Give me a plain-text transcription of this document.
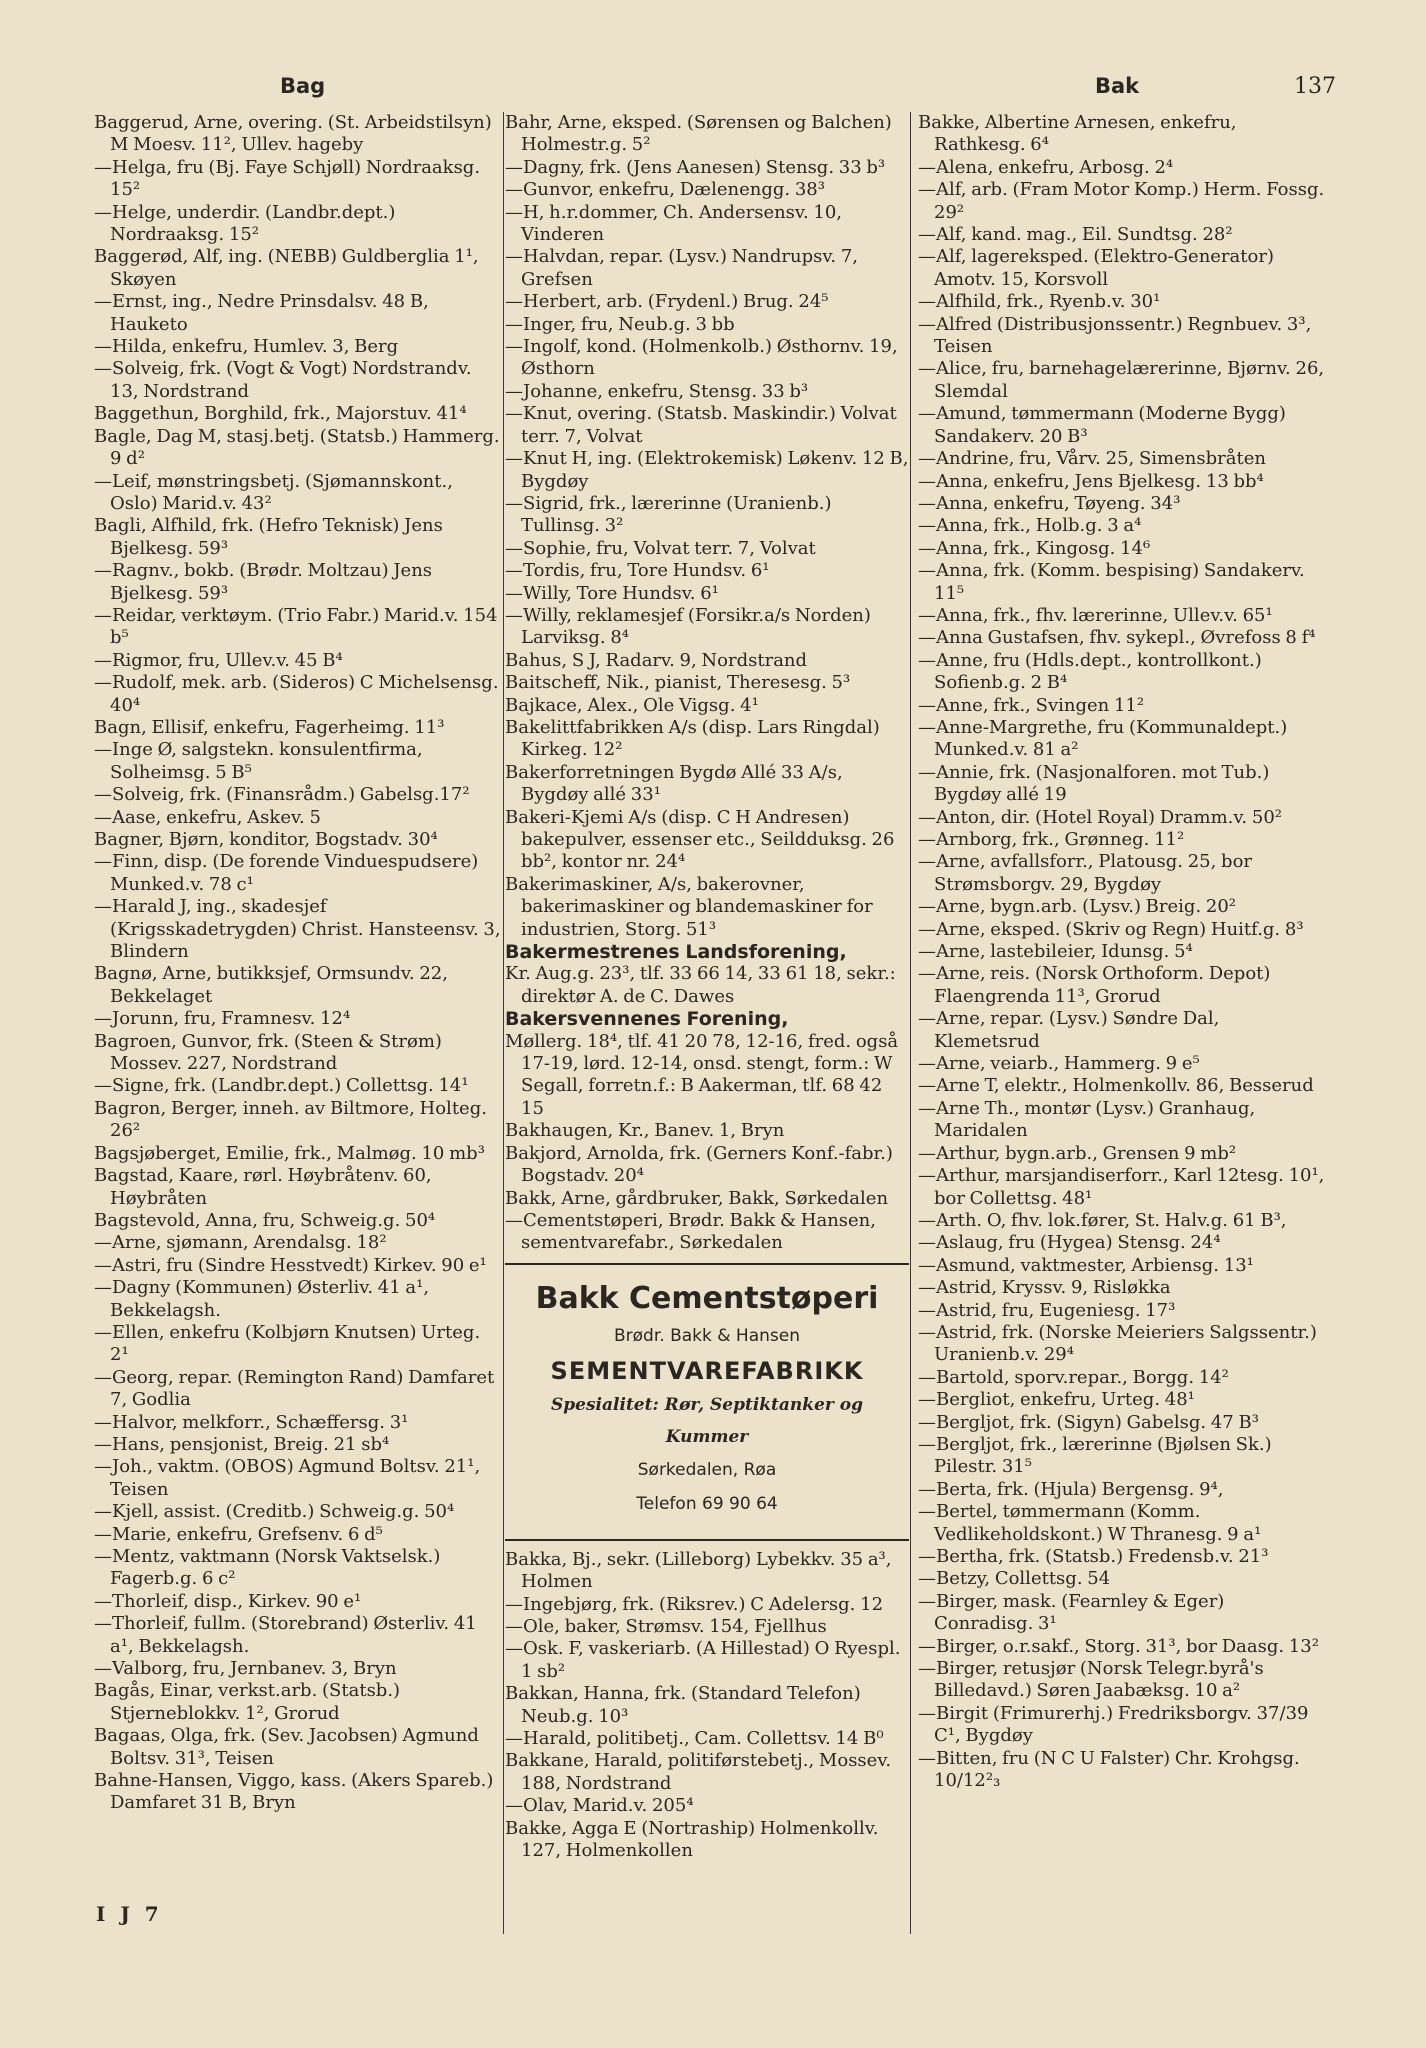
Bag	Bak	137
Baggerud, Arne, overing. (St. Arbeidstilsyn) M Moesv. 11², Ullev. hageby
—Helga, fru (Bj. Faye Schjøll) Nordraaksg. 15²
—Helge, underdir. (Landbr.dept.) Nordraaksg. 15²
Baggerød, Alf, ing. (NEBB) Guldberglia 1¹, Skøyen
—Ernst, ing., Nedre Prinsdalsv. 48 B, Hauketo
—Hilda, enkefru, Humlev. 3, Berg
—Solveig, frk. (Vogt & Vogt) Nordstrandv. 13, Nordstrand
Baggethun, Borghild, frk., Majorstuv. 41⁴
Bagle, Dag M, stasj.betj. (Statsb.) Hammerg. 9 d²
—Leif, mønstringsbetj. (Sjømannskont., Oslo) Marid.v. 43²
Bagli, Alfhild, frk. (Hefro Teknisk) Jens Bjelkesg. 59³
—Ragnv., bokb. (Brødr. Moltzau) Jens Bjelkesg. 59³
—Reidar, verktøym. (Trio Fabr.) Marid.v. 154 b⁵
—Rigmor, fru, Ullev.v. 45 B⁴
—Rudolf, mek. arb. (Sideros) C Michelsensg. 40⁴
Bagn, Ellisif, enkefru, Fagerheimg. 11³
—Inge Ø, salgstekn. konsulentfirma, Solheimsg. 5 B⁵
—Solveig, frk. (Finansrådm.) Gabelsg.17²
—Aase, enkefru, Askev. 5
Bagner, Bjørn, konditor, Bogstadv. 30⁴
—Finn, disp. (De forende Vinduespudsere) Munked.v. 78 c¹
—Harald J, ing., skadesjef (Krigsskadetrygden) Christ. Hansteensv. 3, Blindern
Bagnø, Arne, butikksjef, Ormsundv. 22, Bekkelaget
—Jorunn, fru, Framnesv. 12⁴
Bagroen, Gunvor, frk. (Steen & Strøm) Mossev. 227, Nordstrand
—Signe, frk. (Landbr.dept.) Collettsg. 14¹
Bagron, Berger, inneh. av Biltmore, Holteg. 26²
Bagsjøberget, Emilie, frk., Malmøg. 10 mb³
Bagstad, Kaare, rørl. Høybråtenv. 60, Høybråten
Bagstevold, Anna, fru, Schweig.g. 50⁴
—Arne, sjømann, Arendalsg. 18²
—Astri, fru (Sindre Hesstvedt) Kirkev. 90 e¹
—Dagny (Kommunen) Østerliv. 41 a¹, Bekkelagsh.
—Ellen, enkefru (Kolbjørn Knutsen) Urteg. 2¹
—Georg, repar. (Remington Rand) Damfaret 7, Godlia
—Halvor, melkforr., Schæffersg. 3¹
—Hans, pensjonist, Breig. 21 sb⁴
—Joh., vaktm. (OBOS) Agmund Boltsv. 21¹, Teisen
—Kjell, assist. (Creditb.) Schweig.g. 50⁴
—Marie, enkefru, Grefsenv. 6 d⁵
—Mentz, vaktmann (Norsk Vaktselsk.) Fagerb.g. 6 c²
—Thorleif, disp., Kirkev. 90 e¹
—Thorleif, fullm. (Storebrand) Østerliv. 41 a¹, Bekkelagsh.
—Valborg, fru, Jernbanev. 3, Bryn
Bagås, Einar, verkst.arb. (Statsb.) Stjerneblokkv. 1², Grorud
Bagaas, Olga, frk. (Sev. Jacobsen) Agmund Boltsv. 31³, Teisen
Bahne-Hansen, Viggo, kass. (Akers Spareb.) Damfaret 31 B, Bryn
Bahr, Arne, eksped. (Sørensen og Balchen) Holmestr.g. 5²
—Dagny, frk. (Jens Aanesen) Stensg. 33 b³
—Gunvor, enkefru, Dælenengg. 38³
—H, h.r.dommer, Ch. Andersensv. 10, Vinderen
—Halvdan, repar. (Lysv.) Nandrupsv. 7, Grefsen
—Herbert, arb. (Frydenl.) Brug. 24⁵
—Inger, fru, Neub.g. 3 bb
—Ingolf, kond. (Holmenkolb.) Østhornv. 19, Østhorn
—Johanne, enkefru, Stensg. 33 b³
—Knut, overing. (Statsb. Maskindir.) Volvat terr. 7, Volvat
—Knut H, ing. (Elektrokemisk) Løkenv. 12 B, Bygdøy
—Sigrid, frk., lærerinne (Uranienb.) Tullinsg. 3²
—Sophie, fru, Volvat terr. 7, Volvat
—Tordis, fru, Tore Hundsv. 6¹
—Willy, Tore Hundsv. 6¹
—Willy, reklamesjef (Forsikr.a/s Norden) Larviksg. 8⁴
Bahus, S J, Radarv. 9, Nordstrand
Baitscheff, Nik., pianist, Theresesg. 5³
Bajkace, Alex., Ole Vigsg. 4¹
Bakelittfabrikken A/s (disp. Lars Ringdal) Kirkeg. 12²
Bakerforretningen Bygdø Allé 33 A/s, Bygdøy allé 33¹
Bakeri-Kjemi A/s (disp. C H Andresen) bakepulver, essenser etc., Seildduksg. 26 bb², kontor nr. 24⁴
Bakerimaskiner, A/s, bakerovner, bakerimaskiner og blandemaskiner for industrien, Storg. 51³
Bakermestrenes Landsforening,
Kr. Aug.g. 23³, tlf. 33 66 14, 33 61 18, sekr.: direktør A. de C. Dawes
Bakersvennenes Forening,
Møllerg. 18⁴, tlf. 41 20 78, 12-16, fred. også 17-19, lørd. 12-14, onsd. stengt, form.: W Segall, forretn.f.: B Aakerman, tlf. 68 42 15
Bakhaugen, Kr., Banev. 1, Bryn
Bakjord, Arnolda, frk. (Gerners Konf.-fabr.) Bogstadv. 20⁴
Bakk, Arne, gårdbruker, Bakk, Sørkedalen
—Cementstøperi, Brødr. Bakk & Hansen, sementvarefabr., Sørkedalen
Bakk Cementstøperi
Brødr. Bakk & Hansen
SEMENTVAREFABRIKK
Spesialitet: Rør, Septiktanker og Kummer
Sørkedalen, Røa
Telefon 69 90 64
Bakka, Bj., sekr. (Lilleborg) Lybekkv. 35 a³, Holmen
—Ingebjørg, frk. (Riksrev.) C Adelersg. 12
—Ole, baker, Strømsv. 154, Fjellhus
—Osk. F, vaskeriarb. (A Hillestad) O Ryespl. 1 sb²
Bakkan, Hanna, frk. (Standard Telefon) Neub.g. 10³
—Harald, politibetj., Cam. Collettsv. 14 B⁰
Bakkane, Harald, politiførstebetj., Mossev. 188, Nordstrand
—Olav, Marid.v. 205⁴
Bakke, Agga E (Nortraship) Holmenkollv. 127, Holmenkollen
Bakke, Albertine Arnesen, enkefru, Rathkesg. 6⁴
—Alena, enkefru, Arbosg. 2⁴
—Alf, arb. (Fram Motor Komp.) Herm. Fossg. 29²
—Alf, kand. mag., Eil. Sundtsg. 28²
—Alf, lagereksped. (Elektro-Generator) Amotv. 15, Korsvoll
—Alfhild, frk., Ryenb.v. 30¹
—Alfred (Distribusjonssentr.) Regnbuev. 3³, Teisen
—Alice, fru, barnehagelærerinne, Bjørnv. 26, Slemdal
—Amund, tømmermann (Moderne Bygg) Sandakerv. 20 B³
—Andrine, fru, Vårv. 25, Simensbråten
—Anna, enkefru, Jens Bjelkesg. 13 bb⁴
—Anna, enkefru, Tøyeng. 34³
—Anna, frk., Holb.g. 3 a⁴
—Anna, frk., Kingosg. 14⁶
—Anna, frk. (Komm. bespising) Sandakerv. 11⁵
—Anna, frk., fhv. lærerinne, Ullev.v. 65¹
—Anna Gustafsen, fhv. sykepl., Øvrefoss 8 f⁴
—Anne, fru (Hdls.dept., kontrollkont.) Sofienb.g. 2 B⁴
—Anne, frk., Svingen 11²
—Anne-Margrethe, fru (Kommunaldept.) Munked.v. 81 a²
—Annie, frk. (Nasjonalforen. mot Tub.) Bygdøy allé 19
—Anton, dir. (Hotel Royal) Dramm.v. 50²
—Arnborg, frk., Grønneg. 11²
—Arne, avfallsforr., Platousg. 25, bor Strømsborgv. 29, Bygdøy
—Arne, bygn.arb. (Lysv.) Breig. 20²
—Arne, eksped. (Skriv og Regn) Huitf.g. 8³
—Arne, lastebileier, Idunsg. 5⁴
—Arne, reis. (Norsk Orthoform. Depot) Flaengrenda 11³, Grorud
—Arne, repar. (Lysv.) Søndre Dal, Klemetsrud
—Arne, veiarb., Hammerg. 9 e⁵
—Arne T, elektr., Holmenkollv. 86, Besserud
—Arne Th., montør (Lysv.) Granhaug, Maridalen
—Arthur, bygn.arb., Grensen 9 mb²
—Arthur, marsjandiserforr., Karl 12tesg. 10¹, bor Collettsg. 48¹
—Arth. O, fhv. lok.fører, St. Halv.g. 61 B³,
—Aslaug, fru (Hygea) Stensg. 24⁴
—Asmund, vaktmester, Arbiensg. 13¹
—Astrid, Kryssv. 9, Risløkka
—Astrid, fru, Eugeniesg. 17³
—Astrid, frk. (Norske Meieriers Salgssentr.) Uranienb.v. 29⁴
—Bartold, sporv.repar., Borgg. 14²
—Bergliot, enkefru, Urteg. 48¹
—Bergljot, frk. (Sigyn) Gabelsg. 47 B³
—Bergljot, frk., lærerinne (Bjølsen Sk.) Pilestr. 31⁵
—Berta, frk. (Hjula) Bergensg. 9⁴,
—Bertel, tømmermann (Komm. Vedlikeholdskont.) W Thranesg. 9 a¹
—Bertha, frk. (Statsb.) Fredensb.v. 21³
—Betzy, Collettsg. 54
—Birger, mask. (Fearnley & Eger) Conradisg. 3¹
—Birger, o.r.sakf., Storg. 31³, bor Daasg. 13²
—Birger, retusjør (Norsk Telegr.byrå's Billedavd.) Søren Jaabæksg. 10 a²
—Birgit (Frimurerhj.) Fredriksborgv. 37/39 C¹, Bygdøy
—Bitten, fru (N C U Falster) Chr. Krohgsg. 10/12²₃
I J 7
